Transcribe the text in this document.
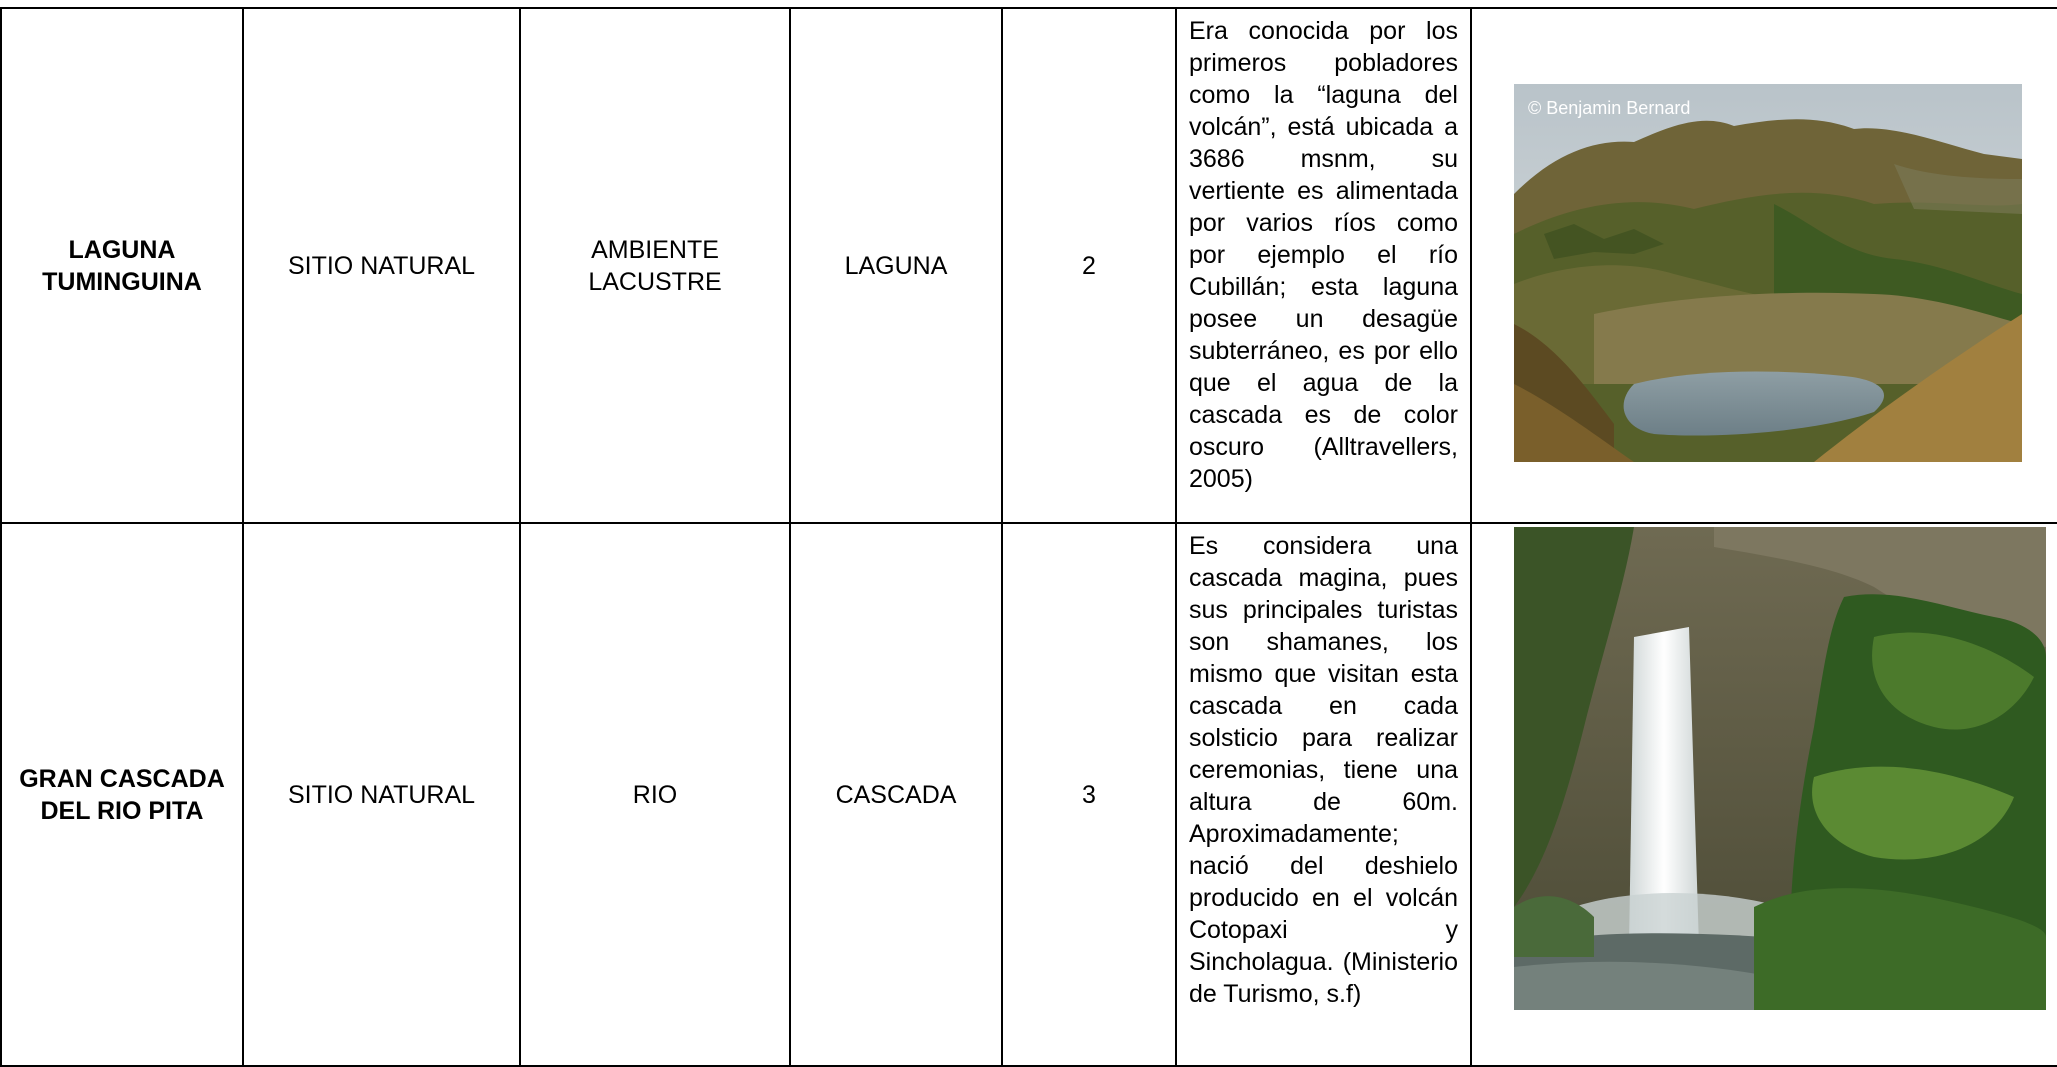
LAGUNA TUMINGUINA	SITIO NATURAL	AMBIENTE LACUSTRE	LAGUNA	2	Era conocida por los primeros pobladores como la “laguna del volcán”, está ubicada a 3686 msnm, su vertiente es alimentada por varios ríos como por ejemplo el río Cubillán; esta laguna posee un desagüe subterráneo, es por ello que el agua de la cascada es de color oscuro (Alltravellers, 2005)	

GRAN CASCADA DEL RIO PITA	SITIO NATURAL	RIO	CASCADA	3	Es considera una cascada magina, pues sus principales turistas son shamanes, los mismo que visitan esta cascada en cada solsticio para realizar ceremonias, tiene una altura de 60m. Aproximadamente; nació del deshielo producido en el volcán Cotopaxi y Sincholagua. (Ministerio de Turismo, s.f)	

© Benjamin Bernard
